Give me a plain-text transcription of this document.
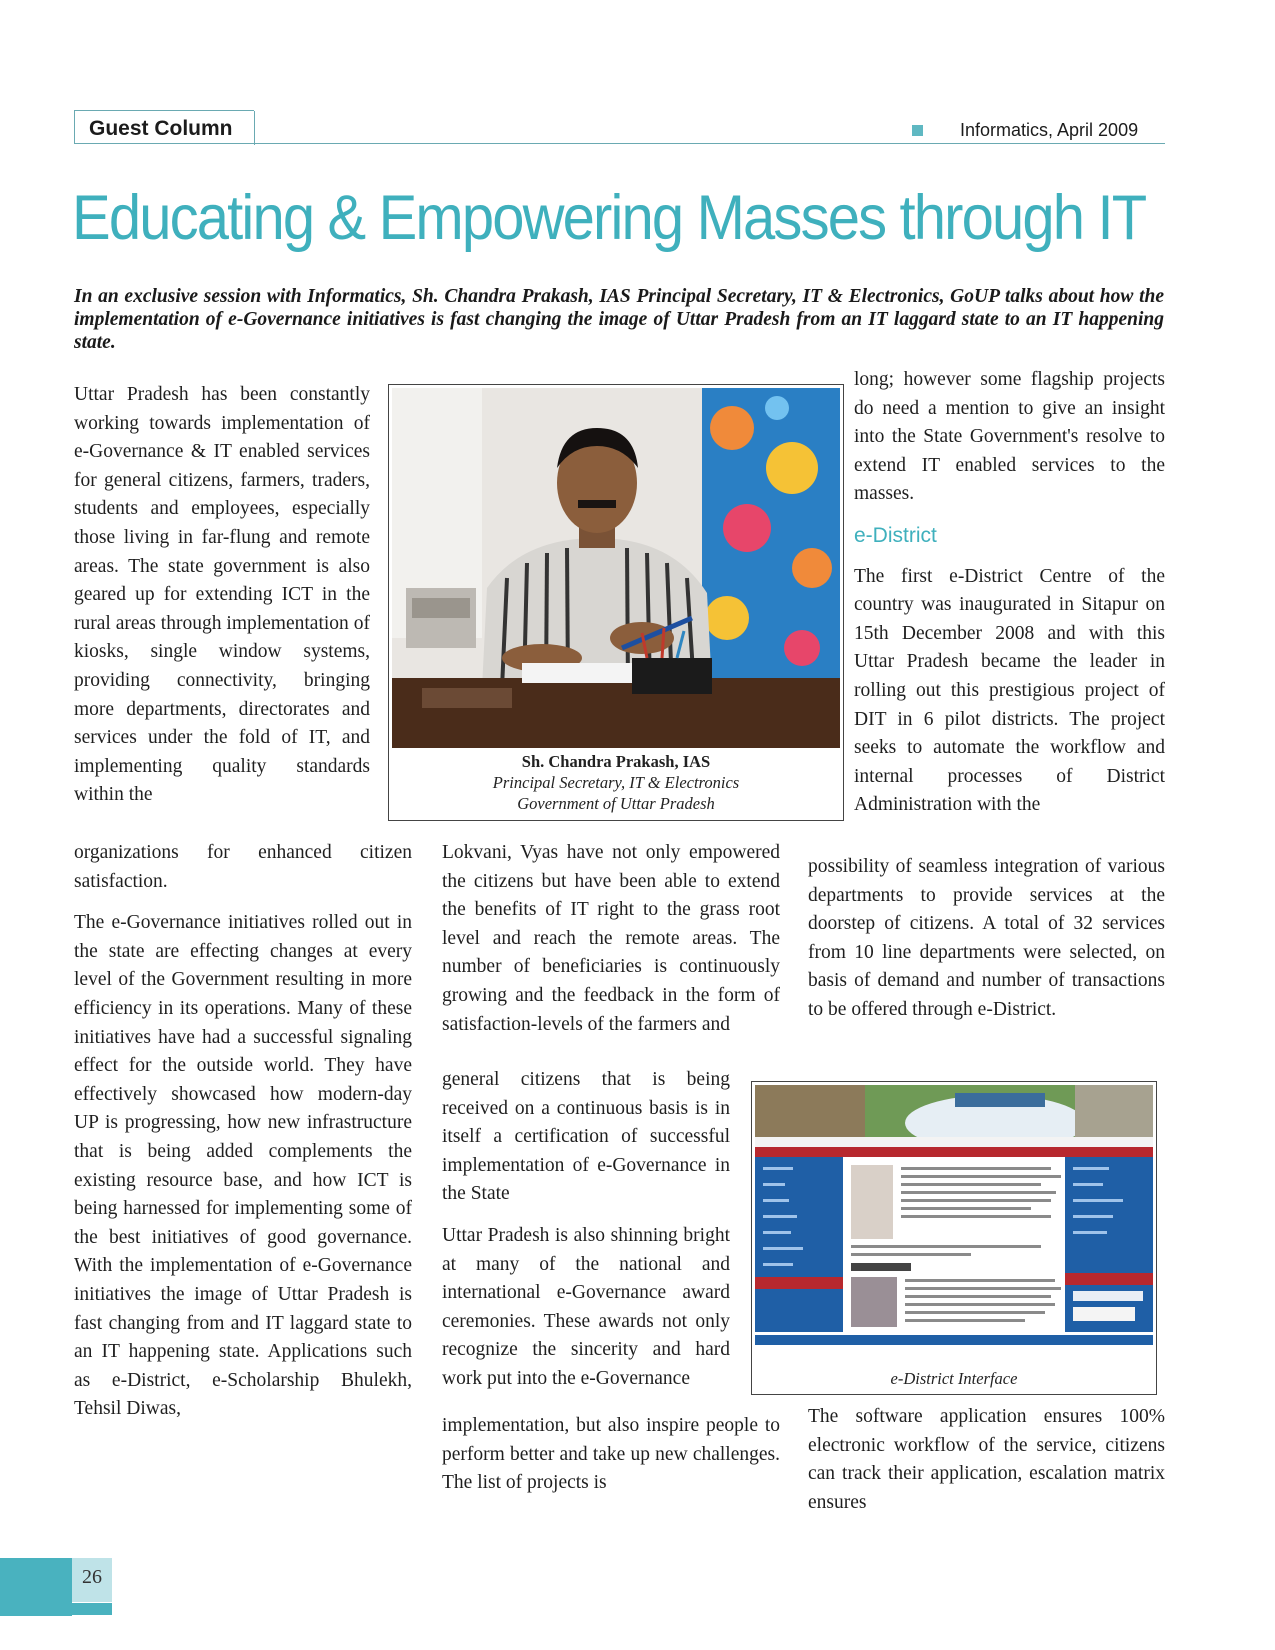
Guest Column	Informatics, April 2009
Educating & Empowering Masses through IT
In an exclusive session with Informatics, Sh. Chandra Prakash, IAS Principal Secretary, IT & Electronics, GoUP talks about how the implementation of e-Governance initiatives is fast changing the image of Uttar Pradesh from an IT laggard state to an IT happening state.

Uttar Pradesh has been constantly working towards implementation of e-Governance & IT enabled services for general citizens, farmers, traders, students and employees, especially those living in far-flung and remote areas. The state government is also geared up for extending ICT in the rural areas through implementation of kiosks, single window systems, providing connectivity, bringing more departments, directorates and services under the fold of IT, and implementing quality standards within the

organizations for enhanced citizen satisfaction.

The e-Governance initiatives rolled out in the state are effecting changes at every level of the Government resulting in more efficiency in its operations. Many of these initiatives have had a successful signaling effect for the outside world. They have effectively showcased how modern-day UP is progressing, how new infrastructure that is being added complements the existing resource base, and how ICT is being harnessed for implementing some of the best initiatives of good governance. With the implementation of e-Governance initiatives the image of Uttar Pradesh is fast changing from and IT laggard state to an IT happening state. Applications such as e-District, e-Scholarship Bhulekh, Tehsil Diwas,

Sh. Chandra Prakash, IAS
Principal Secretary, IT & Electronics
Government of Uttar Pradesh

Lokvani, Vyas have not only empowered the citizens but have been able to extend the benefits of IT right to the grass root level and reach the remote areas. The number of beneficiaries is continuously growing and the feedback in the form of satisfaction-levels of the farmers and

general citizens that is being received on a continuous basis is in itself a certification of successful implementation of e-Governance in the State

Uttar Pradesh is also shinning bright at many of the national and international e-Governance award ceremonies. These awards not only recognize the sincerity and hard work put into the e-Governance

implementation, but also inspire people to perform better and take up new challenges. The list of projects is

long; however some flagship projects do need a mention to give an insight into the State Government's resolve to extend IT enabled services to the masses.

e-District

The first e-District Centre of the country was inaugurated in Sitapur on 15th December 2008 and with this Uttar Pradesh became the leader in rolling out this prestigious project of DIT in 6 pilot districts. The project seeks to automate the workflow and internal processes of District Administration with the

possibility of seamless integration of various departments to provide services at the doorstep of citizens. A total of 32 services from 10 line departments were selected, on basis of demand and number of transactions to be offered through e-District.

The software application ensures 100% electronic workflow of the service, citizens can track their application, escalation matrix ensures

e-District Interface
26
